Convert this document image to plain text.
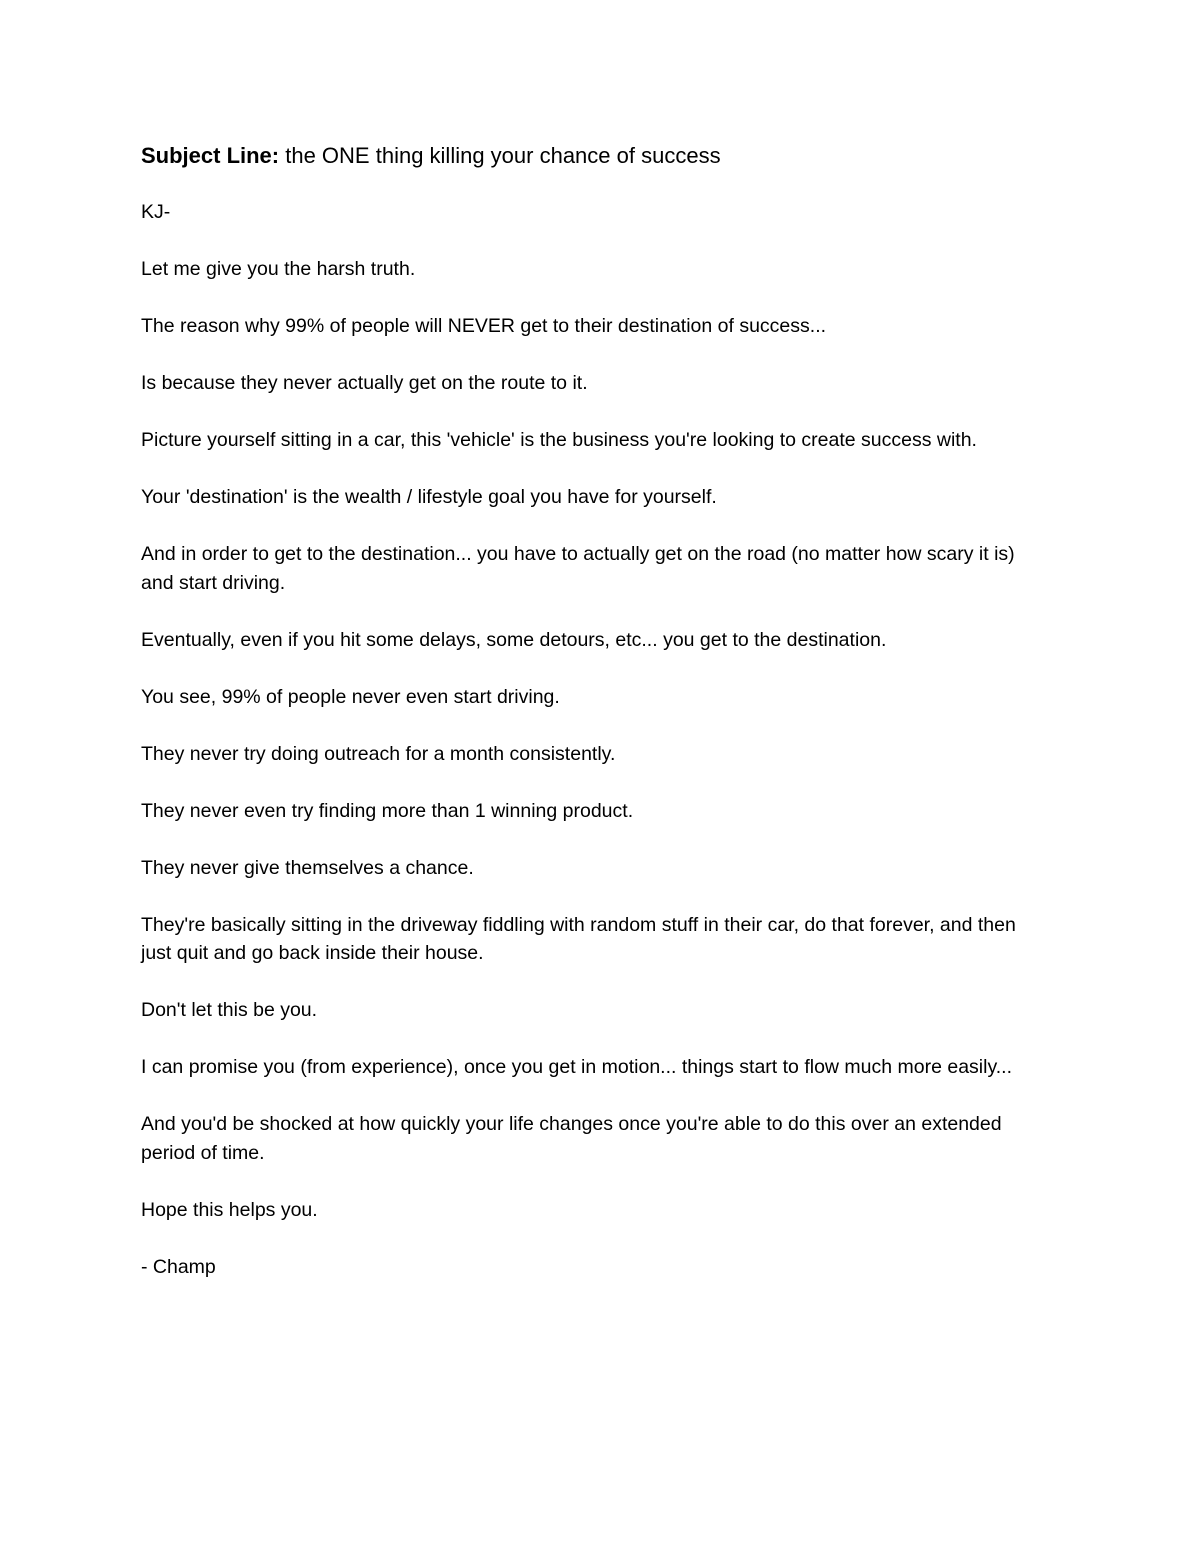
Subject Line: the ONE thing killing your chance of success

KJ-

Let me give you the harsh truth.

The reason why 99% of people will NEVER get to their destination of success...

Is because they never actually get on the route to it.

Picture yourself sitting in a car, this 'vehicle' is the business you're looking to create success with.

Your 'destination' is the wealth / lifestyle goal you have for yourself.

And in order to get to the destination... you have to actually get on the road (no matter how scary it is) and start driving.

Eventually, even if you hit some delays, some detours, etc... you get to the destination.

You see, 99% of people never even start driving.

They never try doing outreach for a month consistently.

They never even try finding more than 1 winning product.

They never give themselves a chance.

They're basically sitting in the driveway fiddling with random stuff in their car, do that forever, and then just quit and go back inside their house.

Don't let this be you.

I can promise you (from experience), once you get in motion... things start to flow much more easily...

And you'd be shocked at how quickly your life changes once you're able to do this over an extended period of time.

Hope this helps you.

- Champ
